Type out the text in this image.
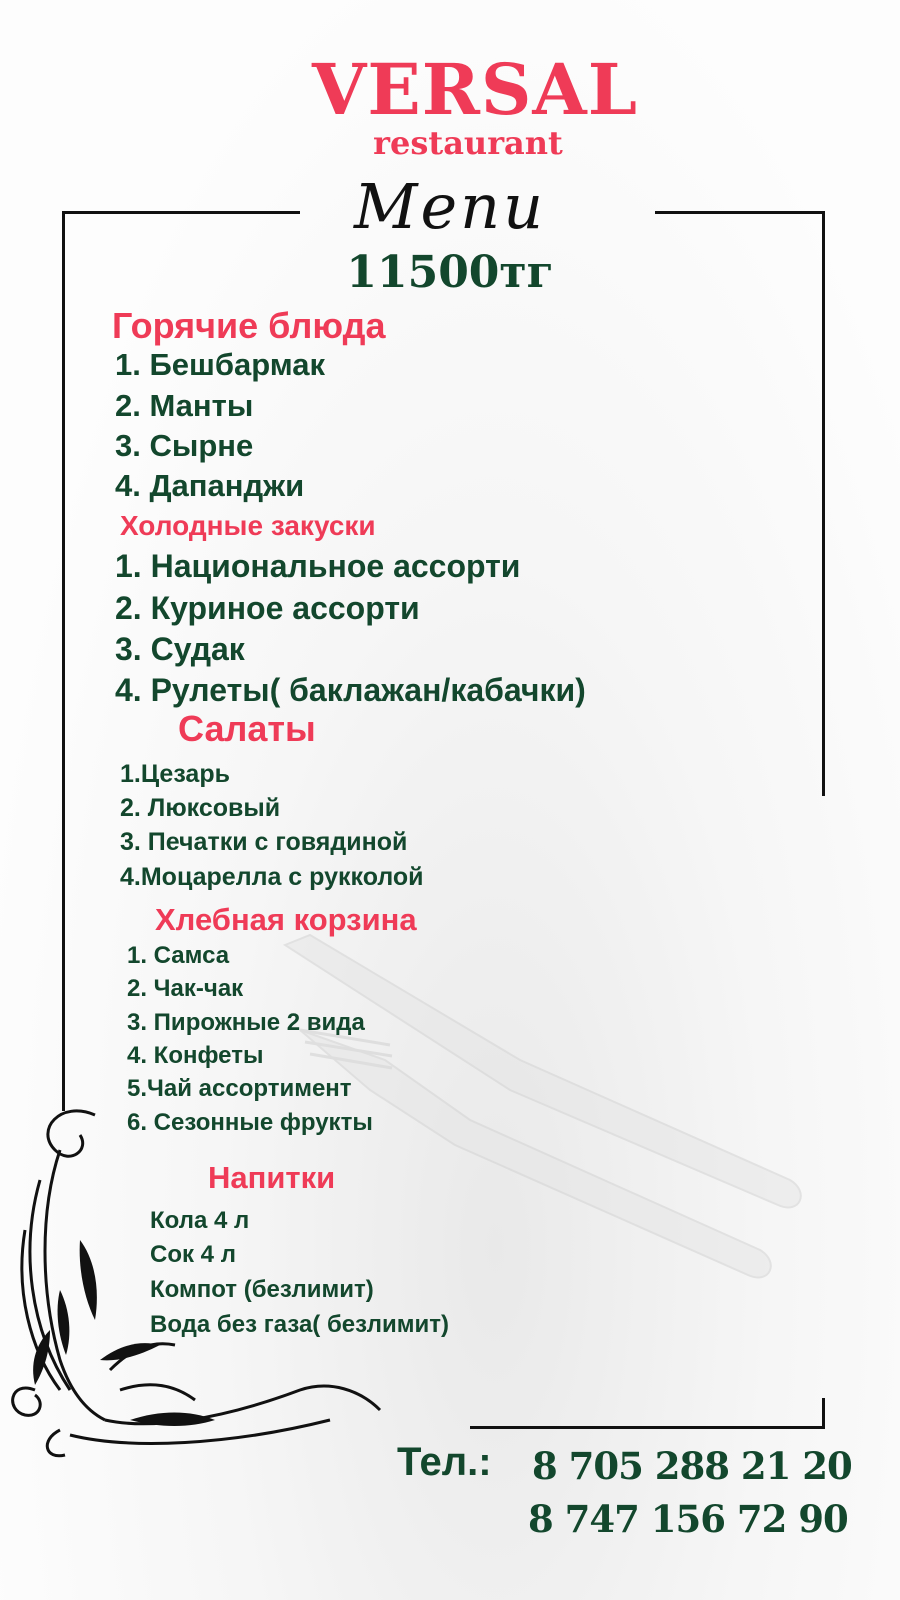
VERSAL
restaurant
Menu
11500тг
Горячие блюда
1. Бешбармак
2. Манты
3. Сырне
4. Дапанджи
Холодные закуски
1. Национальное ассорти
2. Куриное ассорти
3. Судак
4. Рулеты( баклажан/кабачки)
Салаты
1.Цезарь
2. Люксовый
3. Печатки с говядиной
4.Моцарелла с рукколой
Хлебная корзина
1. Самса
2. Чак-чак
3. Пирожные 2 вида
4. Конфеты
5.Чай ассортимент
6. Сезонные фрукты
Напитки
Кола 4 л
Сок 4 л
Компот (безлимит)
Вода без газа( безлимит)
Тел.: 8 705 288 21 20
8 747 156 72 90
